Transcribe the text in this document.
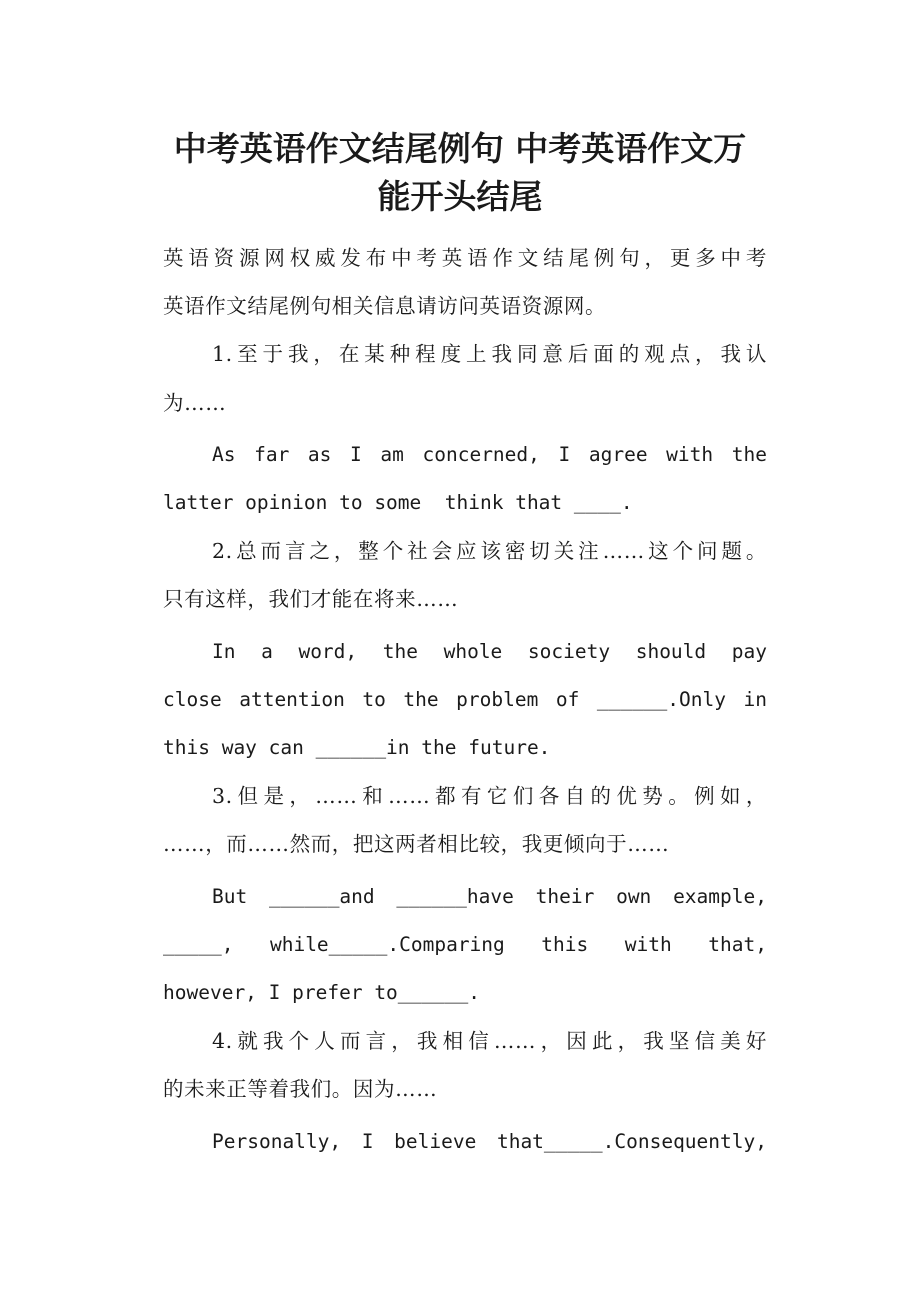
中考英语作文结尾例句 中考英语作文万
能开头结尾

英语资源网权威发布中考英语作文结尾例句，更多中考
英语作文结尾例句相关信息请访问英语资源网。

1.至于我，在某种程度上我同意后面的观点，我认
为……

As far as I am concerned, I agree with the
latter opinion to some  think that ____.

2.总而言之，整个社会应该密切关注……这个问题。
只有这样，我们才能在将来……

In a word, the whole society should pay
close attention to the problem of ______.Only in
this way can ______in the future.

3.但是，……和……都有它们各自的优势。例如，
……，而……然而，把这两者相比较，我更倾向于……

But ______and ______have their own example,
_____, while_____.Comparing this with that,
however, I prefer to______.

4.就我个人而言，我相信……，因此，我坚信美好
的未来正等着我们。因为……

Personally, I believe that_____.Consequently,
